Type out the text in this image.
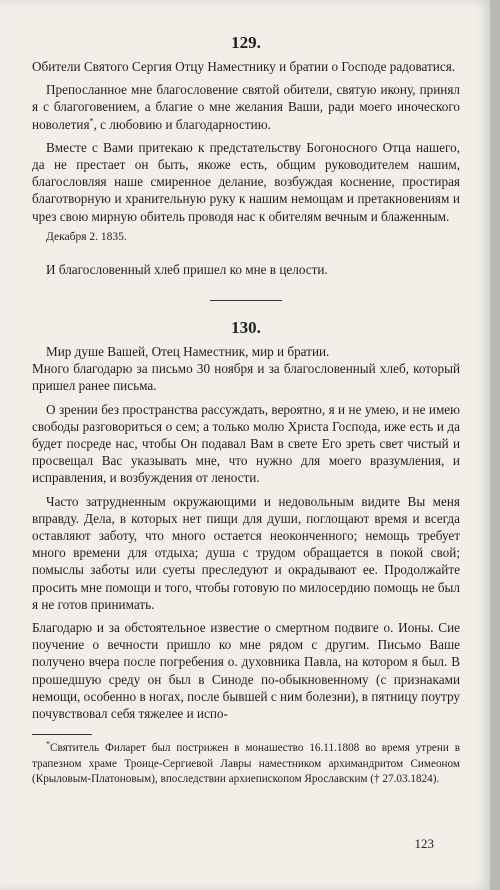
129.

Обители Святого Сергия Отцу Наместнику и братии о Господе радоватися.

Препосланное мне благословение святой обители, святую икону, принял я с благоговением, а благие о мне желания Ваши, ради моего иноческого новолетия*, с любовию и благодарностию.

Вместе с Вами притекаю к предстательству Богоносного Отца нашего, да не престает он быть, якоже есть, общим руководителем нашим, благословляя наше смиренное делание, возбуждая коснение, простирая благотворную и хранительную руку к нашим немощам и претакновениям и чрез свою мирную обитель проводя нас к обителям вечным и блаженным.

Декабря 2. 1835.

И благословенный хлеб пришел ко мне в целости.

130.

Мир душе Вашей, Отец Наместник, мир и братии.

Много благодарю за письмо 30 ноября и за благословенный хлеб, который пришел ранее письма.

О зрении без пространства рассуждать, вероятно, я и не умею, и не имею свободы разговориться о сем; а только молю Христа Господа, иже есть и да будет посреде нас, чтобы Он подавал Вам в свете Его зреть свет чистый и просвещал Вас указывать мне, что нужно для моего вразумления, и исправления, и возбуждения от лености.

Часто затрудненным окружающими и недовольным видите Вы меня вправду. Дела, в которых нет пищи для души, поглощают время и всегда оставляют заботу, что много остается неоконченного; немощь требует много времени для отдыха; душа с трудом обращается в покой свой; помыслы заботы или суеты преследуют и окрадывают ее. Продолжайте просить мне помощи и того, чтобы готовую по милосердию помощь не был я не готов принимать.

Благодарю и за обстоятельное известие о смертном подвиге о. Ионы. Сие поучение о вечности пришло ко мне рядом с другим. Письмо Ваше получено вчера после погребения о. духовника Павла, на котором я был. В прошедшую среду он был в Синоде по-обыкновенному (с признаками немощи, особенно в ногах, после бывшей с ним болезни), в пятницу поутру почувствовал себя тяжелее и испо-

*Святитель Филарет был пострижен в монашество 16.11.1808 во время утрени в трапезном храме Троице-Сергиевой Лавры наместником архимандритом Симеоном (Крыловым-Платоновым), впоследствии архиепископом Ярославским († 27.03.1824).

123
